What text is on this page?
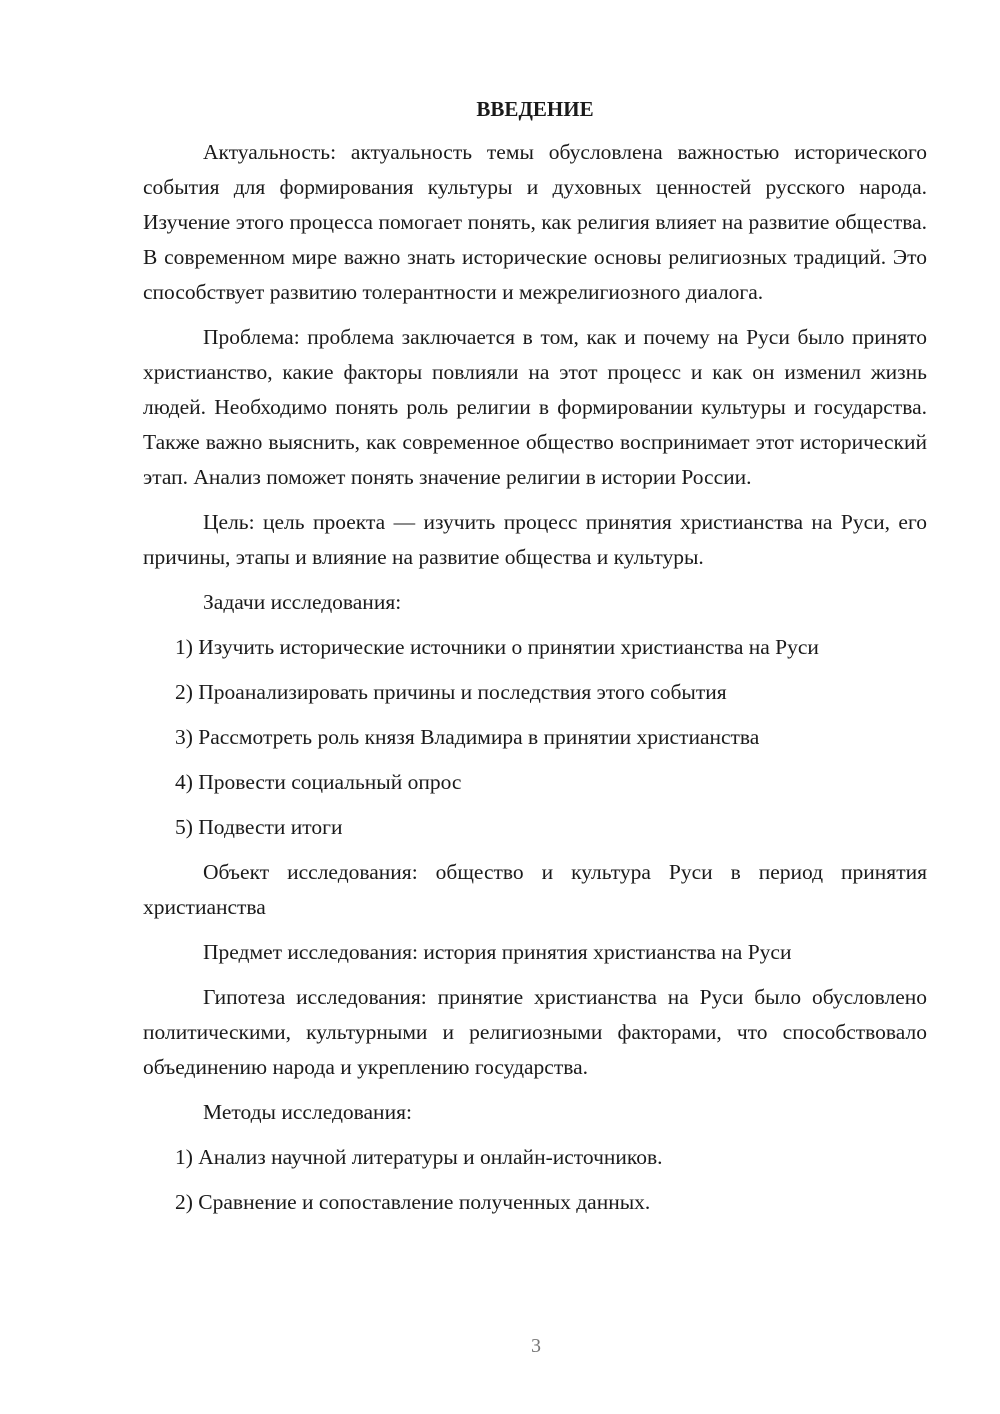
ВВЕДЕНИЕ

Актуальность: актуальность темы обусловлена важностью исторического события для формирования культуры и духовных ценностей русского народа. Изучение этого процесса помогает понять, как религия влияет на развитие общества. В современном мире важно знать исторические основы религиозных традиций. Это способствует развитию толерантности и межрелигиозного диалога.

Проблема: проблема заключается в том, как и почему на Руси было принято христианство, какие факторы повлияли на этот процесс и как он изменил жизнь людей. Необходимо понять роль религии в формировании культуры и государства. Также важно выяснить, как современное общество воспринимает этот исторический этап. Анализ поможет понять значение религии в истории России.

Цель: цель проекта — изучить процесс принятия христианства на Руси, его причины, этапы и влияние на развитие общества и культуры.

Задачи исследования:

1) Изучить исторические источники о принятии христианства на Руси

2) Проанализировать причины и последствия этого события

3) Рассмотреть роль князя Владимира в принятии христианства

4) Провести социальный опрос

5) Подвести итоги

Объект исследования: общество и культура Руси в период принятия христианства

Предмет исследования: история принятия христианства на Руси

Гипотеза исследования: принятие христианства на Руси было обусловлено политическими, культурными и религиозными факторами, что способствовало объединению народа и укреплению государства.

Методы исследования:

1) Анализ научной литературы и онлайн-источников.

2) Сравнение и сопоставление полученных данных.

3
